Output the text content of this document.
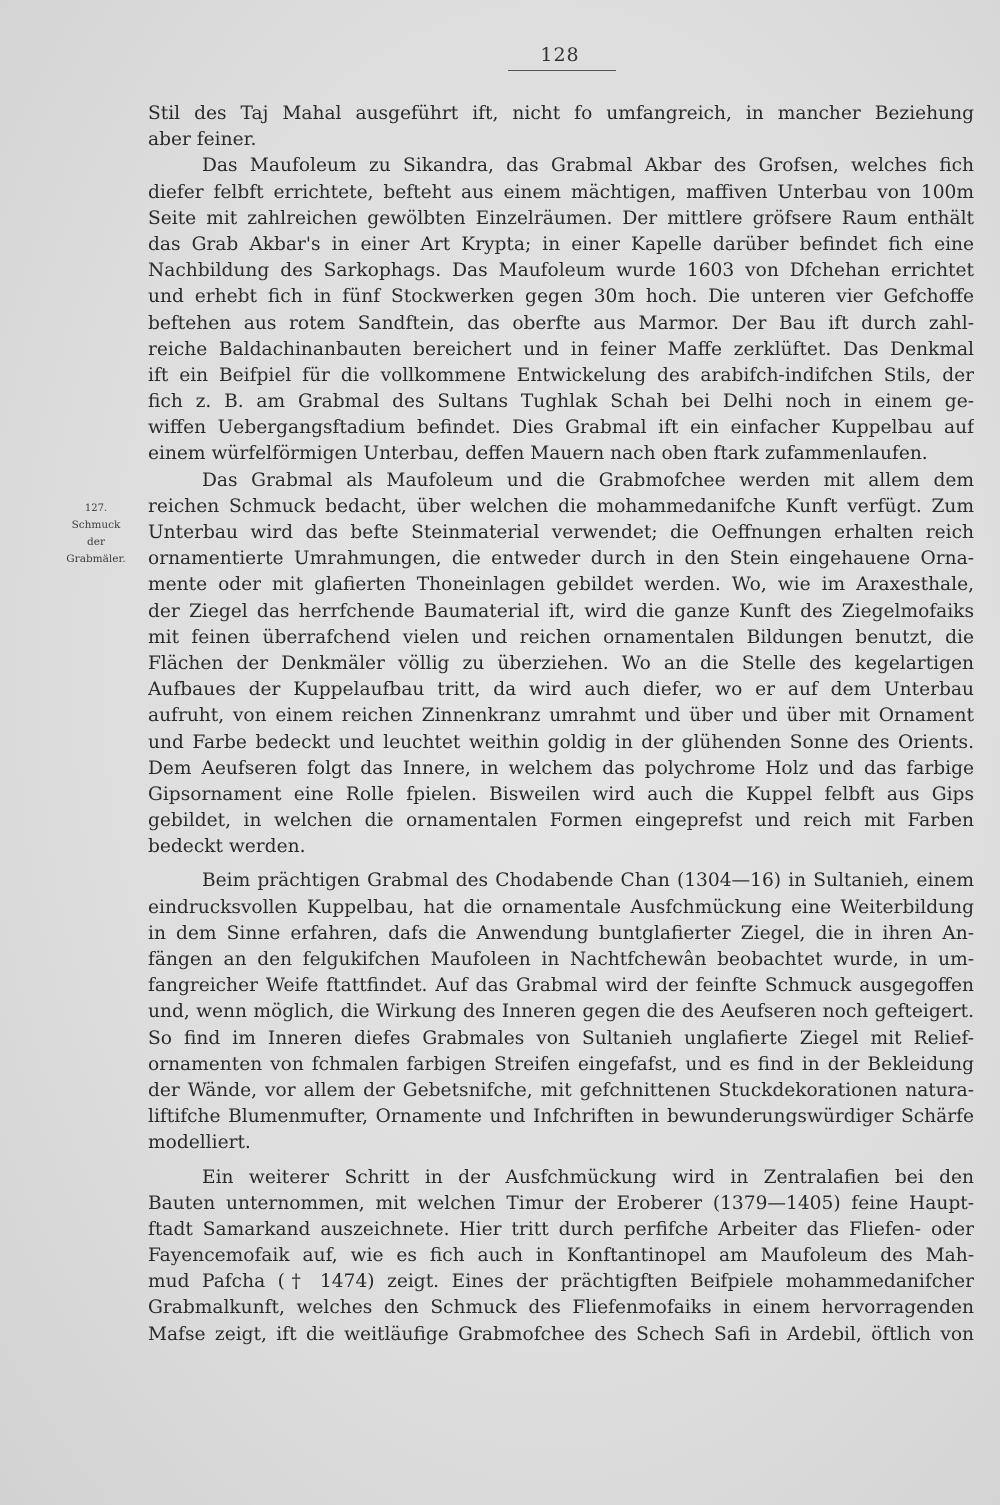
128
127.
Schmuck
der
Grabmäler.
Stil des Taj Mahal ausgeführt ift, nicht fo umfangreich, in mancher Beziehung
aber feiner.
Das Maufoleum zu Sikandra, das Grabmal Akbar des Grofsen, welches fich
diefer felbft errichtete, befteht aus einem mächtigen, maffiven Unterbau von 100m
Seite mit zahlreichen gewölbten Einzelräumen. Der mittlere gröfsere Raum enthält
das Grab Akbar's in einer Art Krypta; in einer Kapelle darüber befindet fich eine
Nachbildung des Sarkophags. Das Maufoleum wurde 1603 von Dfchehan errichtet
und erhebt fich in fünf Stockwerken gegen 30m hoch. Die unteren vier Gefchoffe
beftehen aus rotem Sandftein, das oberfte aus Marmor. Der Bau ift durch zahl-
reiche Baldachinanbauten bereichert und in feiner Maffe zerklüftet. Das Denkmal
ift ein Beifpiel für die vollkommene Entwickelung des arabifch-indifchen Stils, der
fich z. B. am Grabmal des Sultans Tughlak Schah bei Delhi noch in einem ge-
wiffen Uebergangsftadium befindet. Dies Grabmal ift ein einfacher Kuppelbau auf
einem würfelförmigen Unterbau, deffen Mauern nach oben ftark zufammenlaufen.
Das Grabmal als Maufoleum und die Grabmofchee werden mit allem dem
reichen Schmuck bedacht, über welchen die mohammedanifche Kunft verfügt. Zum
Unterbau wird das befte Steinmaterial verwendet; die Oeffnungen erhalten reich
ornamentierte Umrahmungen, die entweder durch in den Stein eingehauene Orna-
mente oder mit glafierten Thoneinlagen gebildet werden. Wo, wie im Araxesthale,
der Ziegel das herrfchende Baumaterial ift, wird die ganze Kunft des Ziegelmofaiks
mit feinen überrafchend vielen und reichen ornamentalen Bildungen benutzt, die
Flächen der Denkmäler völlig zu überziehen. Wo an die Stelle des kegelartigen
Aufbaues der Kuppelaufbau tritt, da wird auch diefer, wo er auf dem Unterbau
aufruht, von einem reichen Zinnenkranz umrahmt und über und über mit Ornament
und Farbe bedeckt und leuchtet weithin goldig in der glühenden Sonne des Orients.
Dem Aeufseren folgt das Innere, in welchem das polychrome Holz und das farbige
Gipsornament eine Rolle fpielen. Bisweilen wird auch die Kuppel felbft aus Gips
gebildet, in welchen die ornamentalen Formen eingeprefst und reich mit Farben
bedeckt werden.
Beim prächtigen Grabmal des Chodabende Chan (1304—16) in Sultanieh, einem
eindrucksvollen Kuppelbau, hat die ornamentale Ausfchmückung eine Weiterbildung
in dem Sinne erfahren, dafs die Anwendung buntglafierter Ziegel, die in ihren An-
fängen an den felgukifchen Maufoleen in Nachtfchewân beobachtet wurde, in um-
fangreicher Weife ftattfindet. Auf das Grabmal wird der feinfte Schmuck ausgegoffen
und, wenn möglich, die Wirkung des Inneren gegen die des Aeufseren noch gefteigert.
So find im Inneren diefes Grabmales von Sultanieh unglafierte Ziegel mit Relief-
ornamenten von fchmalen farbigen Streifen eingefafst, und es find in der Bekleidung
der Wände, vor allem der Gebetsnifche, mit gefchnittenen Stuckdekorationen natura-
liftifche Blumenmufter, Ornamente und Infchriften in bewunderungswürdiger Schärfe
modelliert.
Ein weiterer Schritt in der Ausfchmückung wird in Zentralafien bei den
Bauten unternommen, mit welchen Timur der Eroberer (1379—1405) feine Haupt-
ftadt Samarkand auszeichnete. Hier tritt durch perfifche Arbeiter das Fliefen- oder
Fayencemofaik auf, wie es fich auch in Konftantinopel am Maufoleum des Mah-
mud Pafcha († 1474) zeigt. Eines der prächtigften Beifpiele mohammedanifcher
Grabmalkunft, welches den Schmuck des Fliefenmofaiks in einem hervorragenden
Mafse zeigt, ift die weitläufige Grabmofchee des Schech Safi in Ardebil, öftlich von
